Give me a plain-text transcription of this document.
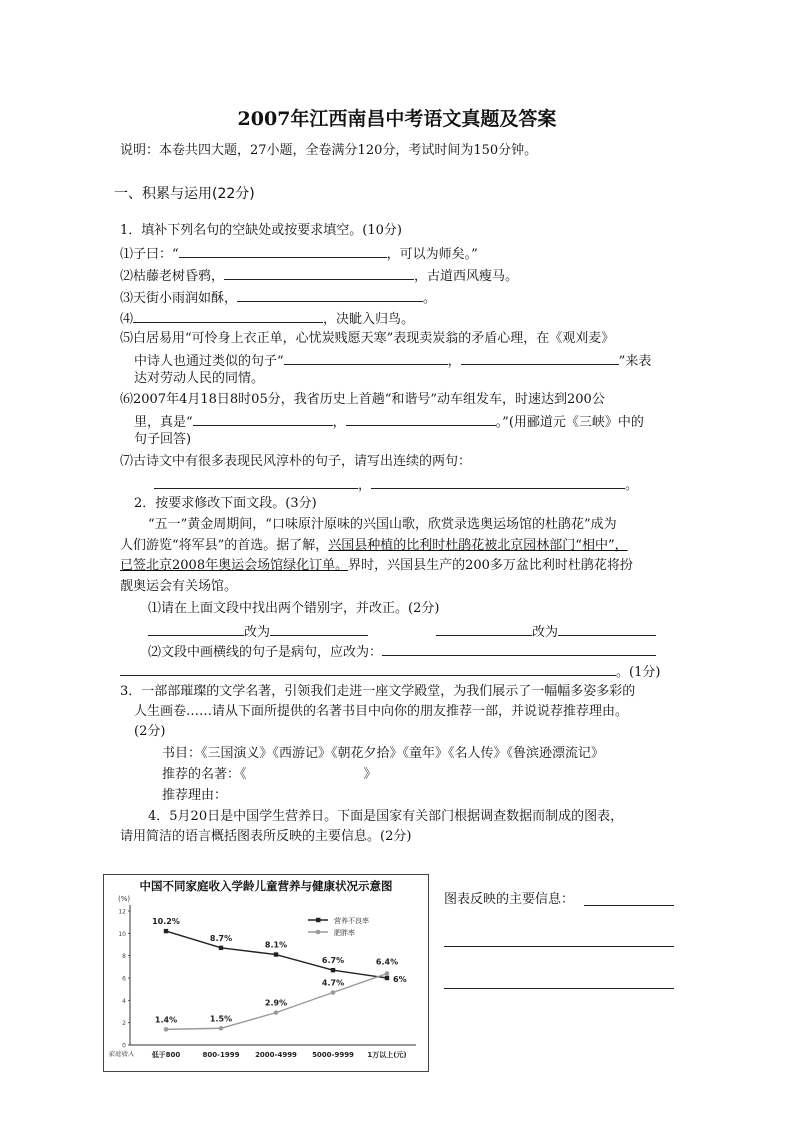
2007年江西南昌中考语文真题及答案
说明：本卷共四大题，27小题，全卷满分120分，考试时间为150分钟。
一、积累与运用(22分)
1．填补下列名句的空缺处或按要求填空。(10分)
⑴子曰：“	，可以为师矣。”
⑵枯藤老树昏鸦，	，古道西风瘦马。
⑶天街小雨润如酥，	。
⑷	，决眦入归鸟。
⑸白居易用“可怜身上衣正单，心忧炭贱愿天寒”表现卖炭翁的矛盾心理，在《观刈麦》
中诗人也通过类似的句子“	，	”来表
达对劳动人民的同情。
⑹2007年4月18日8时05分，我省历史上首趟“和谐号”动车组发车，时速达到200公
里，真是“	，	。”(用郦道元《三峡》中的
句子回答)
⑺古诗文中有很多表现民风淳朴的句子，请写出连续的两句：
，	。
2．按要求修改下面文段。(3分)
“五一”黄金周期间，“口味原汁原味的兴国山歌，欣赏录选奥运场馆的杜鹃花”成为
人们游览“将军县”的首选。据了解，兴国县种植的比利时杜鹃花被北京园林部门“相中”，
已签北京2008年奥运会场馆绿化订单。界时，兴国县生产的200多万盆比利时杜鹃花将扮
靓奥运会有关场馆。
⑴请在上面文段中找出两个错别字，并改正。(2分)
改为	改为
⑵文段中画横线的句子是病句，应改为：
。(1分)
3．一部部璀璨的文学名著，引领我们走进一座文学殿堂，为我们展示了一幅幅多姿多彩的
人生画卷……请从下面所提供的名著书目中向你的朋友推荐一部，并说说荐推荐理由。
(2分)
书目：《三国演义》《西游记》《朝花夕拾》《童年》《名人传》《鲁滨逊漂流记》
推荐的名著：《　　　　　　　　　》
推荐理由：
4．5月20日是中国学生营养日。下面是国家有关部门根据调查数据而制成的图表，
请用简洁的语言概括图表所反映的主要信息。(2分)
(%)
0
2
4
6
8
10
12
低于800	800-1999 2000-4999 5000-9999 1万以上(元)
家庭收入
10.2%
8.7%
8.1%
6.7%
6%
1.4%	1.5%
2.9%
4.7%
6.4%
营养不良率
肥胖率
中国不同家庭收入学龄儿童营养与健康状况示意图
图表反映的主要信息：
